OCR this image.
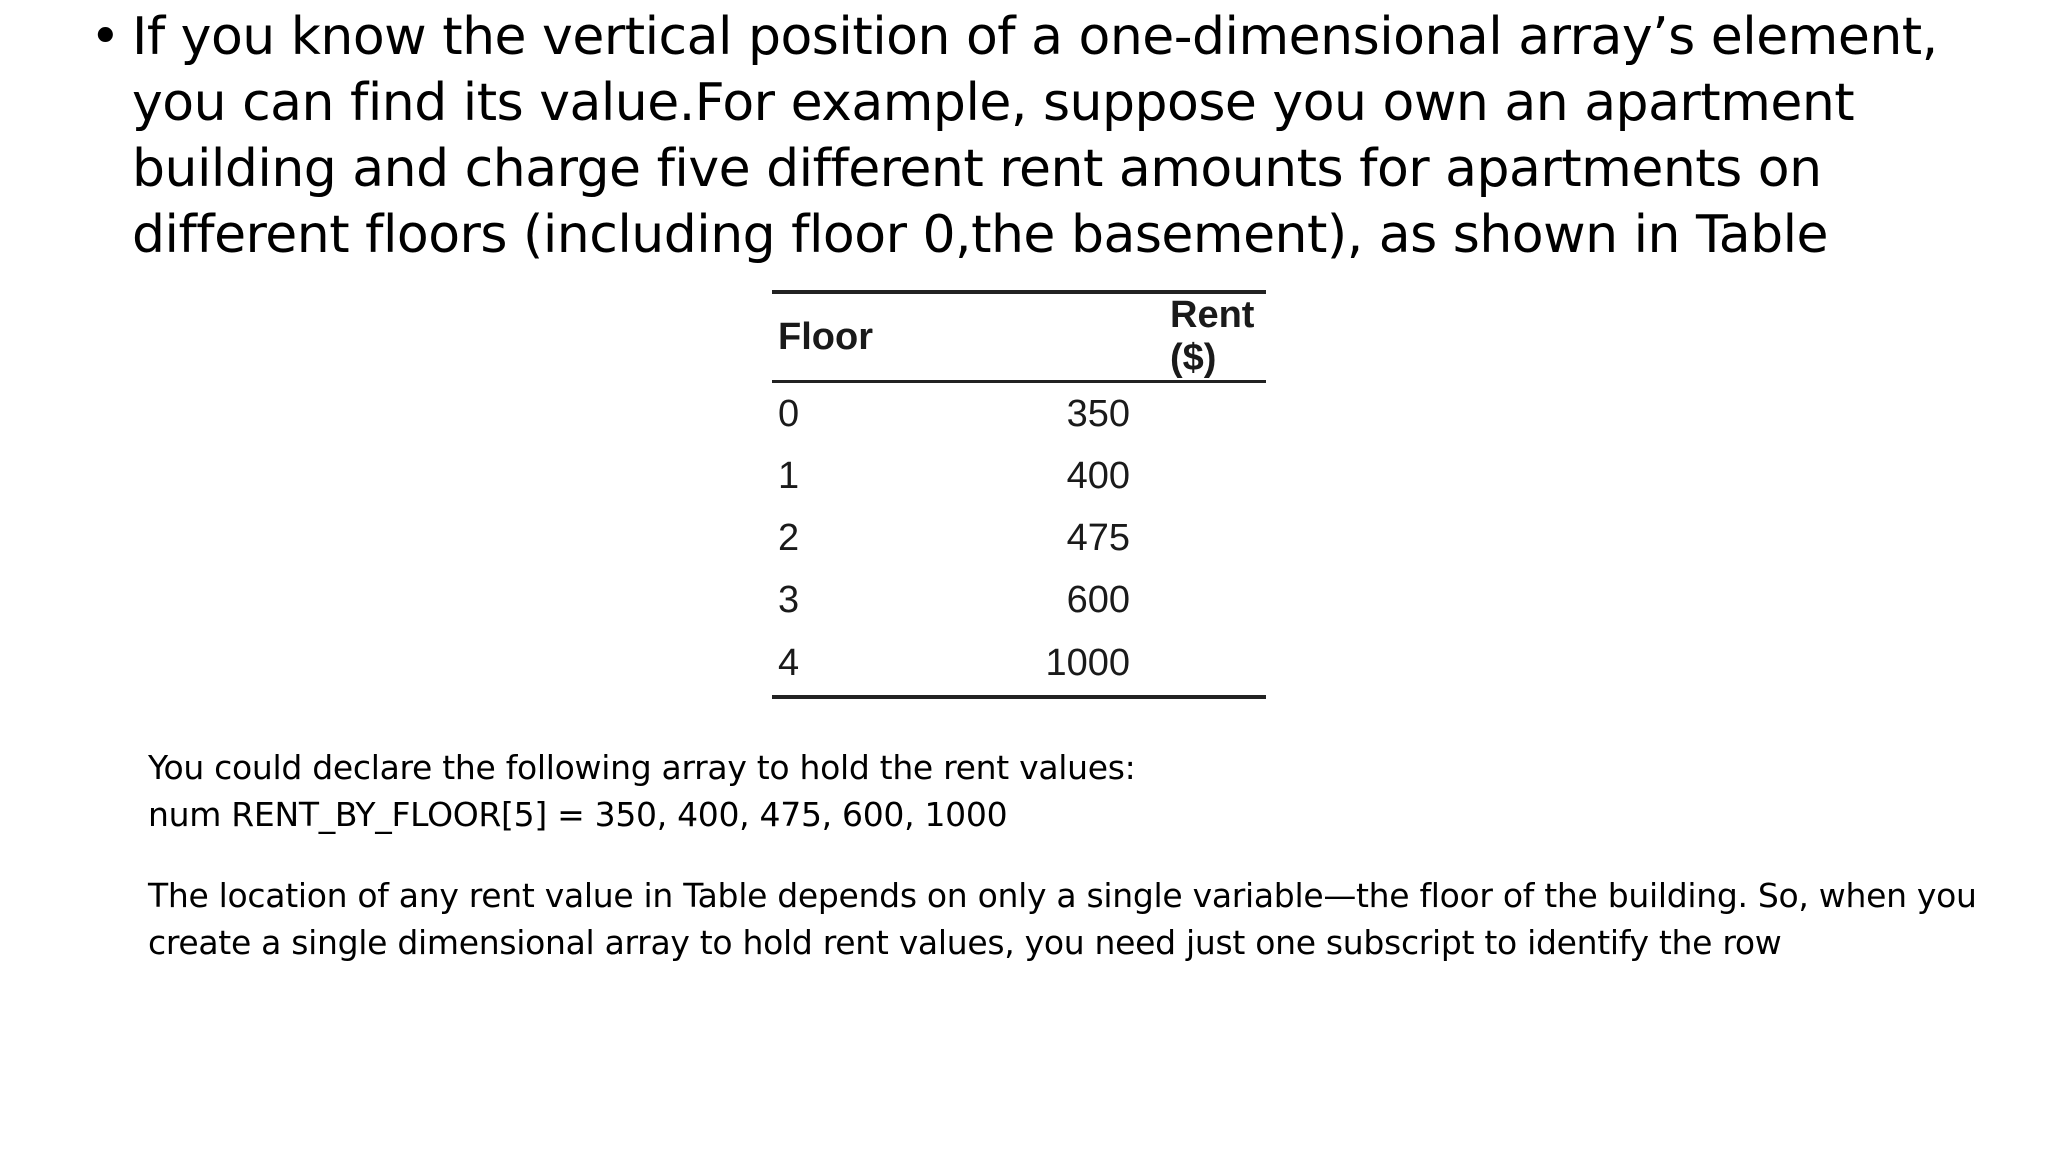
• If you know the vertical position of a one-dimensional array’s element,
you can find its value.For example, suppose you own an apartment
building and charge five different rent amounts for apartments on
different floors (including floor 0,the basement), as shown in Table
Floor	Rent ($)
0	350
1	400
2	475
3	600
4	1000
You could declare the following array to hold the rent values:
num RENT_BY_FLOOR[5] = 350, 400, 475, 600, 1000
The location of any rent value in Table depends on only a single variable—the floor of the building. So, when you
create a single dimensional array to hold rent values, you need just one subscript to identify the row
